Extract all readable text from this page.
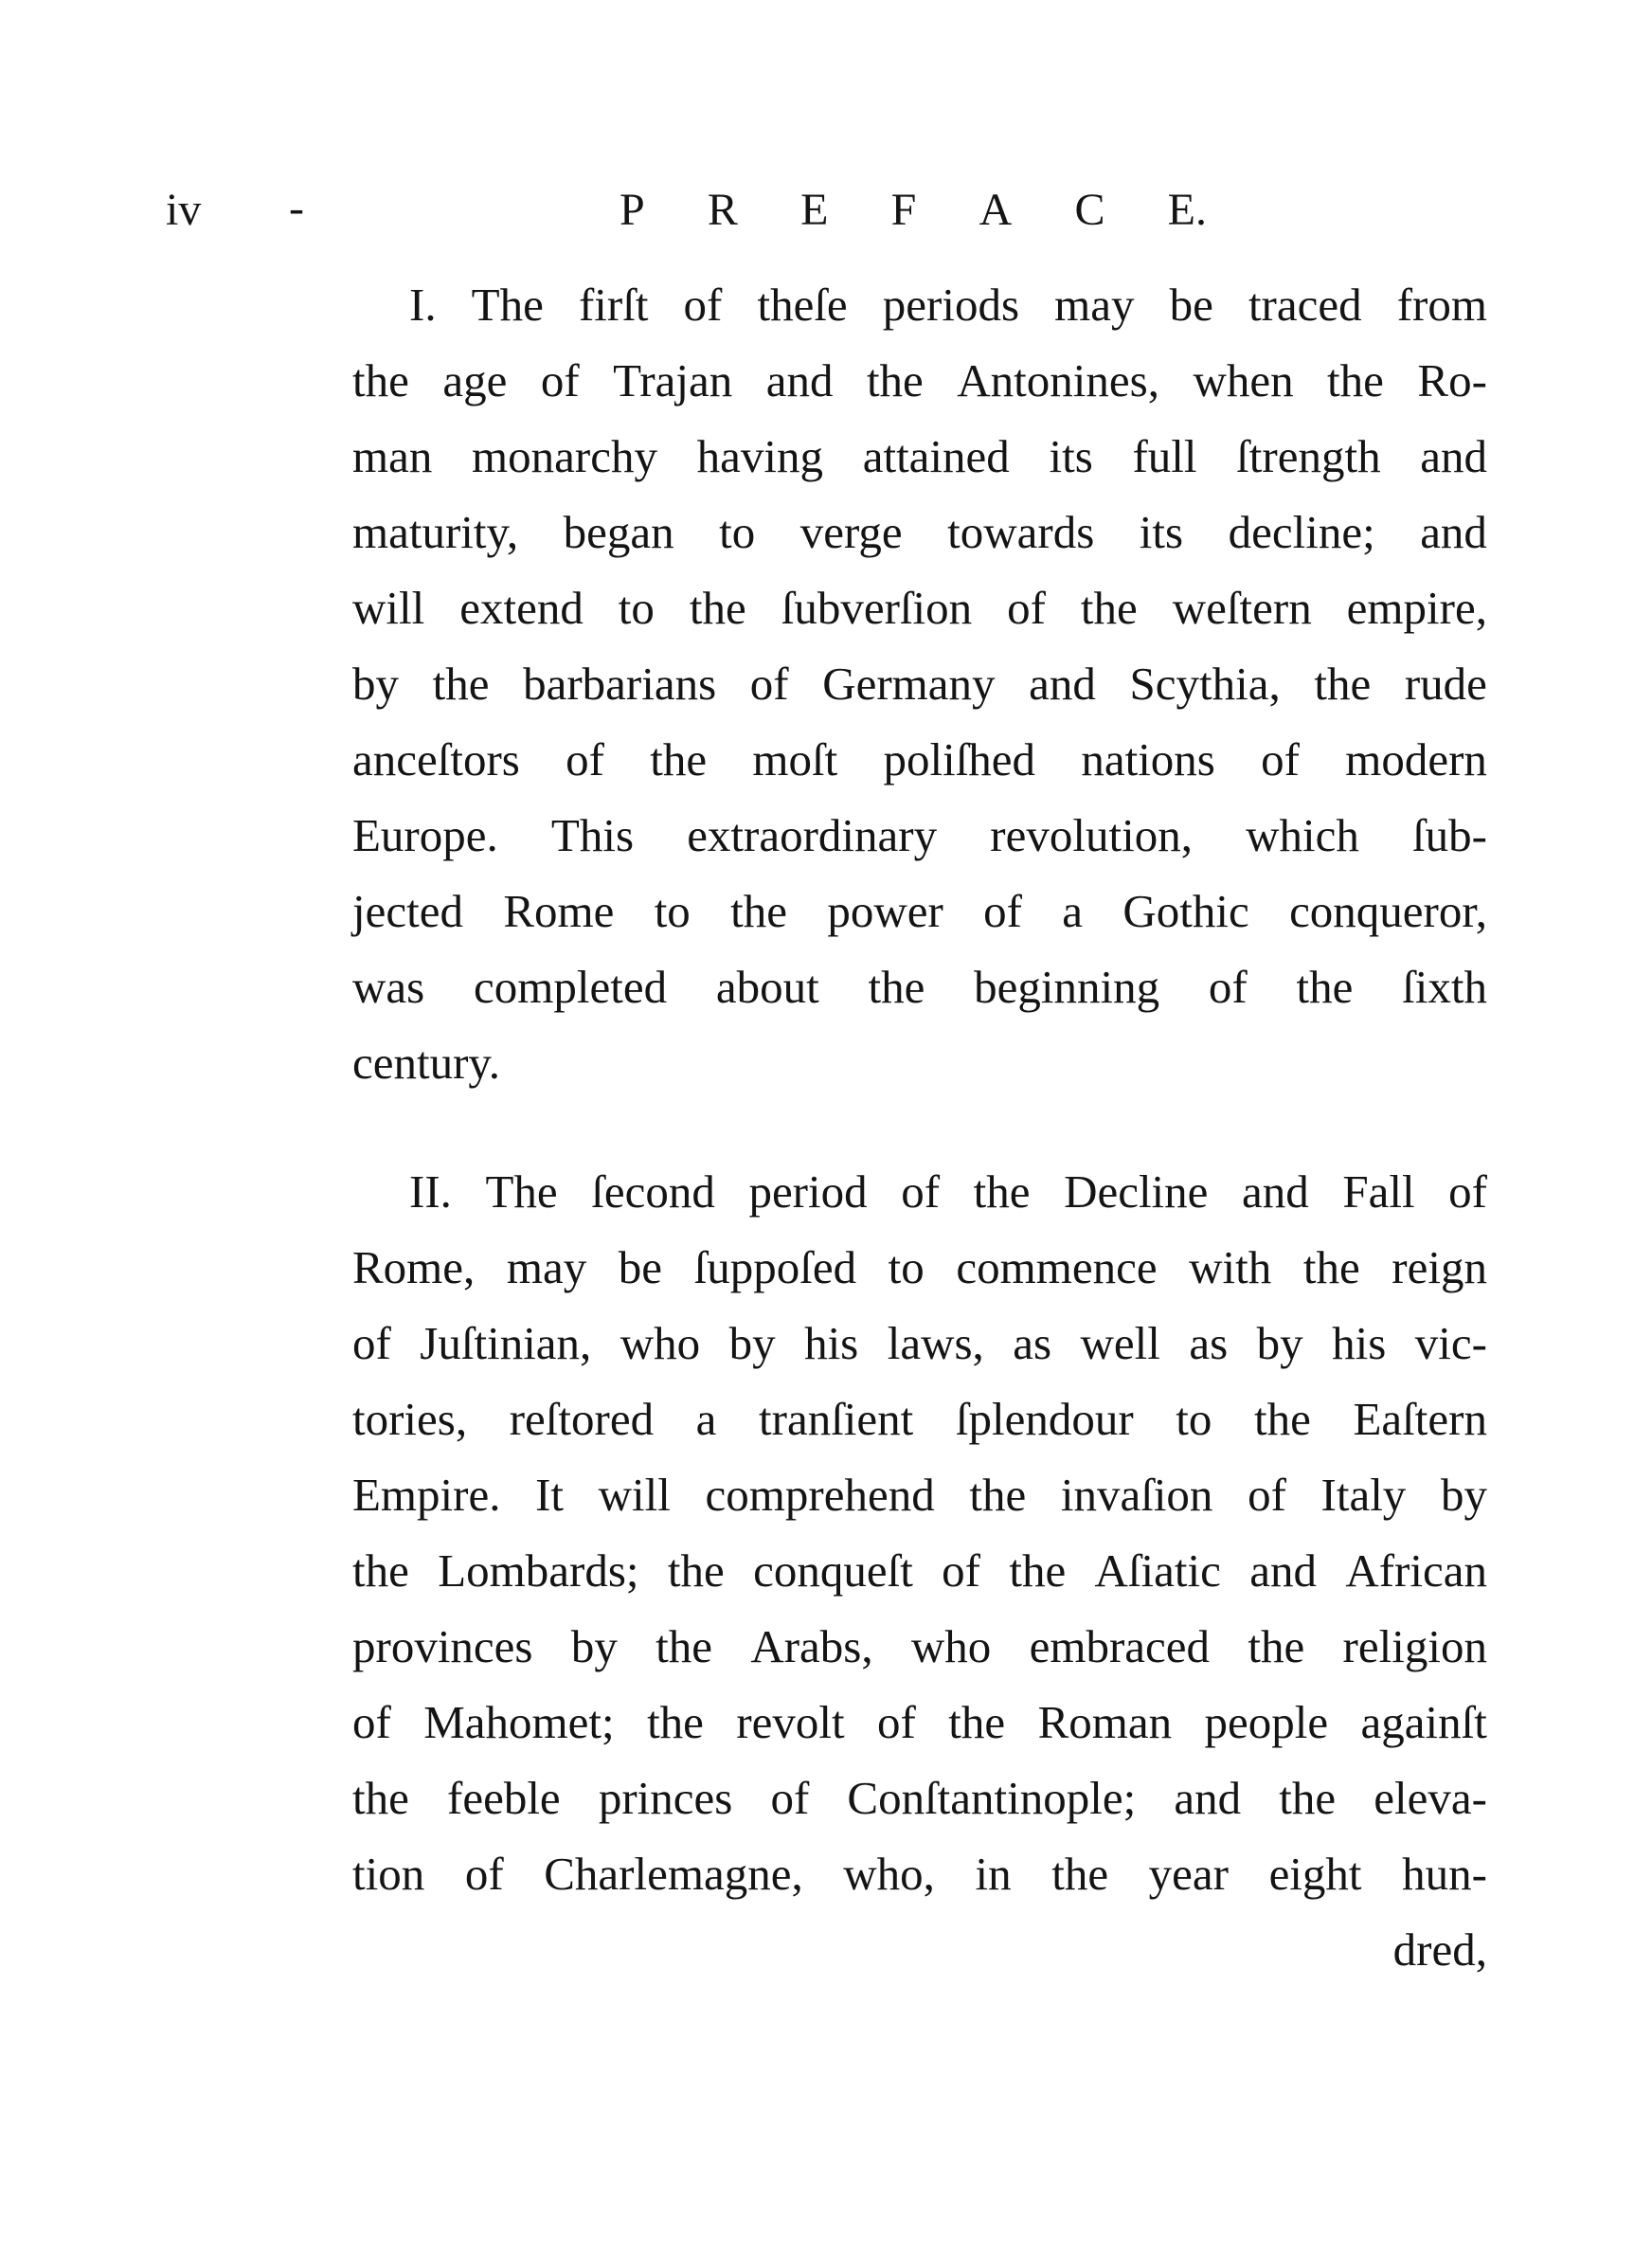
iv -	P R E F A C E.
I. The firſt of theſe periods may be traced from
the age of Trajan and the Antonines, when the Ro-
man monarchy having attained its full ſtrength and
maturity, began to verge towards its decline; and
will extend to the ſubverſion of the weſtern empire,
by the barbarians of Germany and Scythia, the rude
anceſtors of the moſt poliſhed nations of modern
Europe. This extraordinary revolution, which ſub-
jected Rome to the power of a Gothic conqueror,
was completed about the beginning of the ſixth
century.
II. The ſecond period of the Decline and Fall of
Rome, may be ſuppoſed to commence with the reign
of Juſtinian, who by his laws, as well as by his vic-
tories, reſtored a tranſient ſplendour to the Eaſtern
Empire. It will comprehend the invaſion of Italy by
the Lombards; the conqueſt of the Aſiatic and African
provinces by the Arabs, who embraced the religion
of Mahomet; the revolt of the Roman people againſt
the feeble princes of Conſtantinople; and the eleva-
tion of Charlemagne, who, in the year eight hun-
dred,
